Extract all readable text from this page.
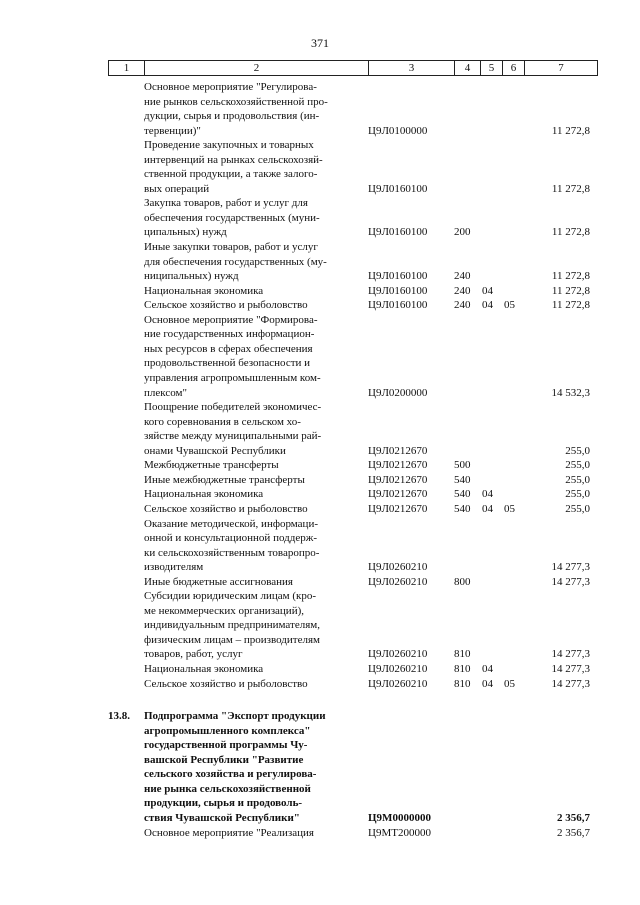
371
1	2	3	4	5	6	7
Основное мероприятие "Регулирова-
ние рынков сельскохозяйственной про-
дукции, сырья и продовольствия (ин-
тервенции)"	Ц9Л0100000	11 272,8
Проведение закупочных и товарных
интервенций на рынках сельскохозяй-
ственной продукции, а также залого-
вых операций	Ц9Л0160100	11 272,8
Закупка товаров, работ и услуг для
обеспечения государственных (муни-
ципальных) нужд	Ц9Л0160100	200	11 272,8
Иные закупки товаров, работ и услуг
для обеспечения государственных (му-
ниципальных) нужд	Ц9Л0160100	240	11 272,8
Национальная экономика	Ц9Л0160100	240	04	11 272,8
Сельское хозяйство и рыболовство	Ц9Л0160100	240	04	05	11 272,8
Основное мероприятие "Формирова-
ние государственных информацион-
ных ресурсов в сферах обеспечения
продовольственной безопасности и
управления агропромышленным ком-
плексом"	Ц9Л0200000	14 532,3
Поощрение победителей экономичес-
кого соревнования в сельском хо-
зяйстве между муниципальными рай-
онами Чувашской Республики	Ц9Л0212670	255,0
Межбюджетные трансферты	Ц9Л0212670	500	255,0
Иные межбюджетные трансферты	Ц9Л0212670	540	255,0
Национальная экономика	Ц9Л0212670	540	04	255,0
Сельское хозяйство и рыболовство	Ц9Л0212670	540	04	05	255,0
Оказание методической, информаци-
онной и консультационной поддерж-
ки сельскохозяйственным товаропро-
изводителям	Ц9Л0260210	14 277,3
Иные бюджетные ассигнования	Ц9Л0260210	800	14 277,3
Субсидии юридическим лицам (кро-
ме некоммерческих организаций),
индивидуальным предпринимателям,
физическим лицам – производителям
товаров, работ, услуг	Ц9Л0260210	810	14 277,3
Национальная экономика	Ц9Л0260210	810	04	14 277,3
Сельское хозяйство и рыболовство	Ц9Л0260210	810	04	05	14 277,3
13.8.	Подпрограмма "Экспорт продукции
агропромышленного комплекса"
государственной программы Чу-
вашской Республики "Развитие
сельского хозяйства и регулирова-
ние рынка сельскохозяйственной
продукции, сырья и продоволь-
ствия Чувашской Республики"	Ц9М0000000	2 356,7
Основное мероприятие "Реализация	Ц9МТ200000	2 356,7
